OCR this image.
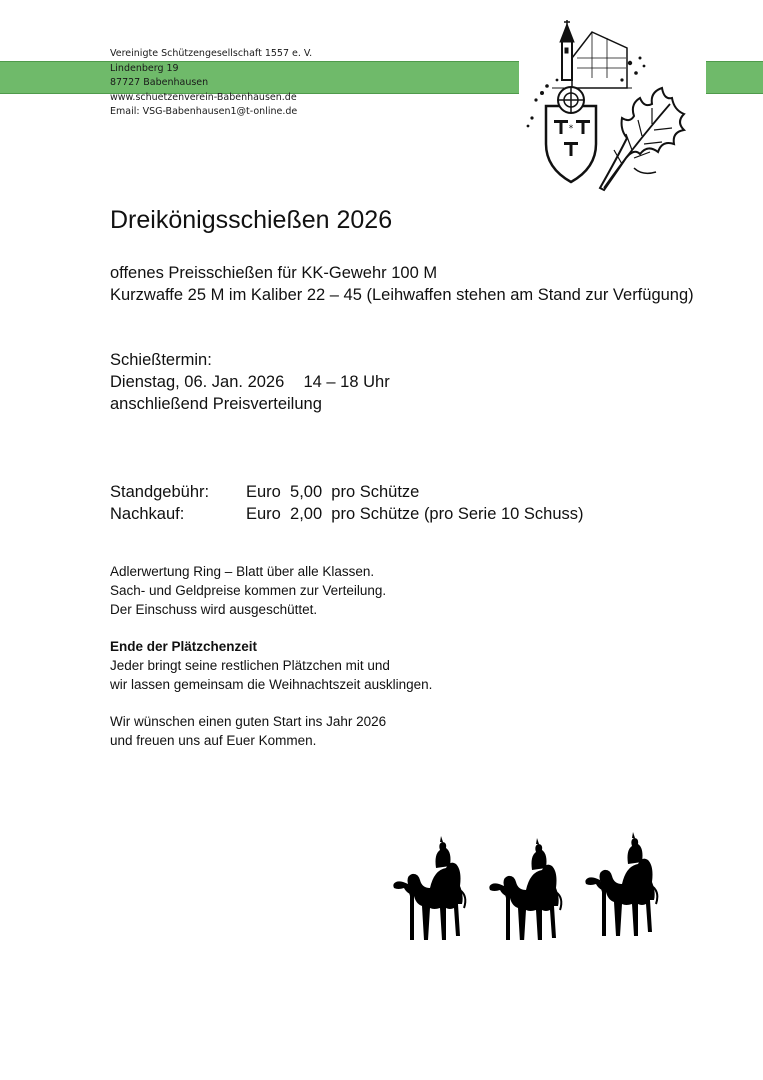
Vereinigte Schützengesellschaft 1557 e. V.
Lindenberg 19
87727 Babenhausen
www.schuetzenverein-Babenhausen.de
Email: VSG-Babenhausen1@t-online.de
*
Dreikönigsschießen 2026
offenes Preisschießen für KK-Gewehr 100 M
Kurzwaffe 25 M im Kaliber 22 – 45 (Leihwaffen stehen am Stand zur Verfügung)
Schießtermin:
Dienstag, 06. Jan. 2026 14 – 18 Uhr
anschließend Preisverteilung
Standgebühr:	Euro  5,00  pro Schütze
Nachkauf:	Euro  2,00  pro Schütze (pro Serie 10 Schuss)
Adlerwertung Ring – Blatt über alle Klassen.
Sach- und Geldpreise kommen zur Verteilung.
Der Einschuss wird ausgeschüttet.
Ende der Plätzchenzeit
Jeder bringt seine restlichen Plätzchen mit und
wir lassen gemeinsam die Weihnachtszeit ausklingen.
Wir wünschen einen guten Start ins Jahr 2026
und freuen uns auf Euer Kommen.
